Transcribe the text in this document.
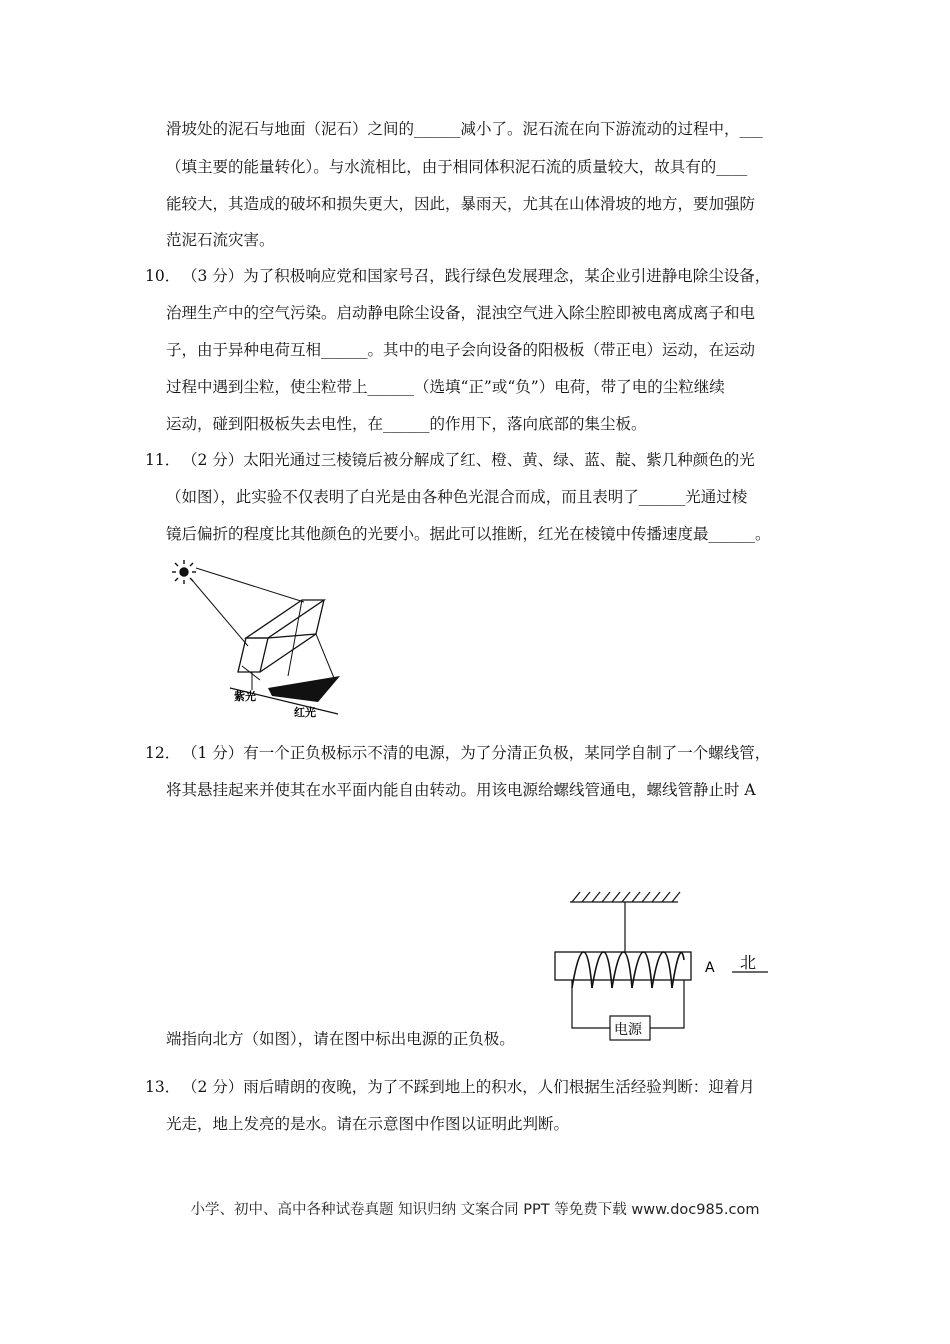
滑坡处的泥石与地面（泥石）之间的______减小了。泥石流在向下游流动的过程中，___
（填主要的能量转化）。与水流相比，由于相同体积泥石流的质量较大，故具有的____
能较大，其造成的破坏和损失更大，因此，暴雨天，尤其在山体滑坡的地方，要加强防
范泥石流灾害。
10． （3 分）为了积极响应党和国家号召，践行绿色发展理念，某企业引进静电除尘设备，
治理生产中的空气污染。启动静电除尘设备，混浊空气进入除尘腔即被电离成离子和电
子，由于异种电荷互相______。其中的电子会向设备的阳极板（带正电）运动，在运动
过程中遇到尘粒，使尘粒带上______（选填“正”或“负”）电荷，带了电的尘粒继续
运动，碰到阳极板失去电性，在______的作用下，落向底部的集尘板。
11． （2 分）太阳光通过三棱镜后被分解成了红、橙、黄、绿、蓝、靛、紫几种颜色的光
（如图），此实验不仅表明了白光是由各种色光混合而成，而且表明了______光通过棱
镜后偏折的程度比其他颜色的光要小。据此可以推断，红光在棱镜中传播速度最______。
紫光
红光
12． （1 分）有一个正负极标示不清的电源，为了分清正负极，某同学自制了一个螺线管，
将其悬挂起来并使其在水平面内能自由转动。用该电源给螺线管通电，螺线管静止时 A
端指向北方（如图），请在图中标出电源的正负极。	电源
A 北
13． （2 分）雨后晴朗的夜晚，为了不踩到地上的积水，人们根据生活经验判断：迎着月
光走，地上发亮的是水。请在示意图中作图以证明此判断。
小学、初中、高中各种试卷真题 知识归纳 文案合同 PPT 等免费下载 www.doc985.com
